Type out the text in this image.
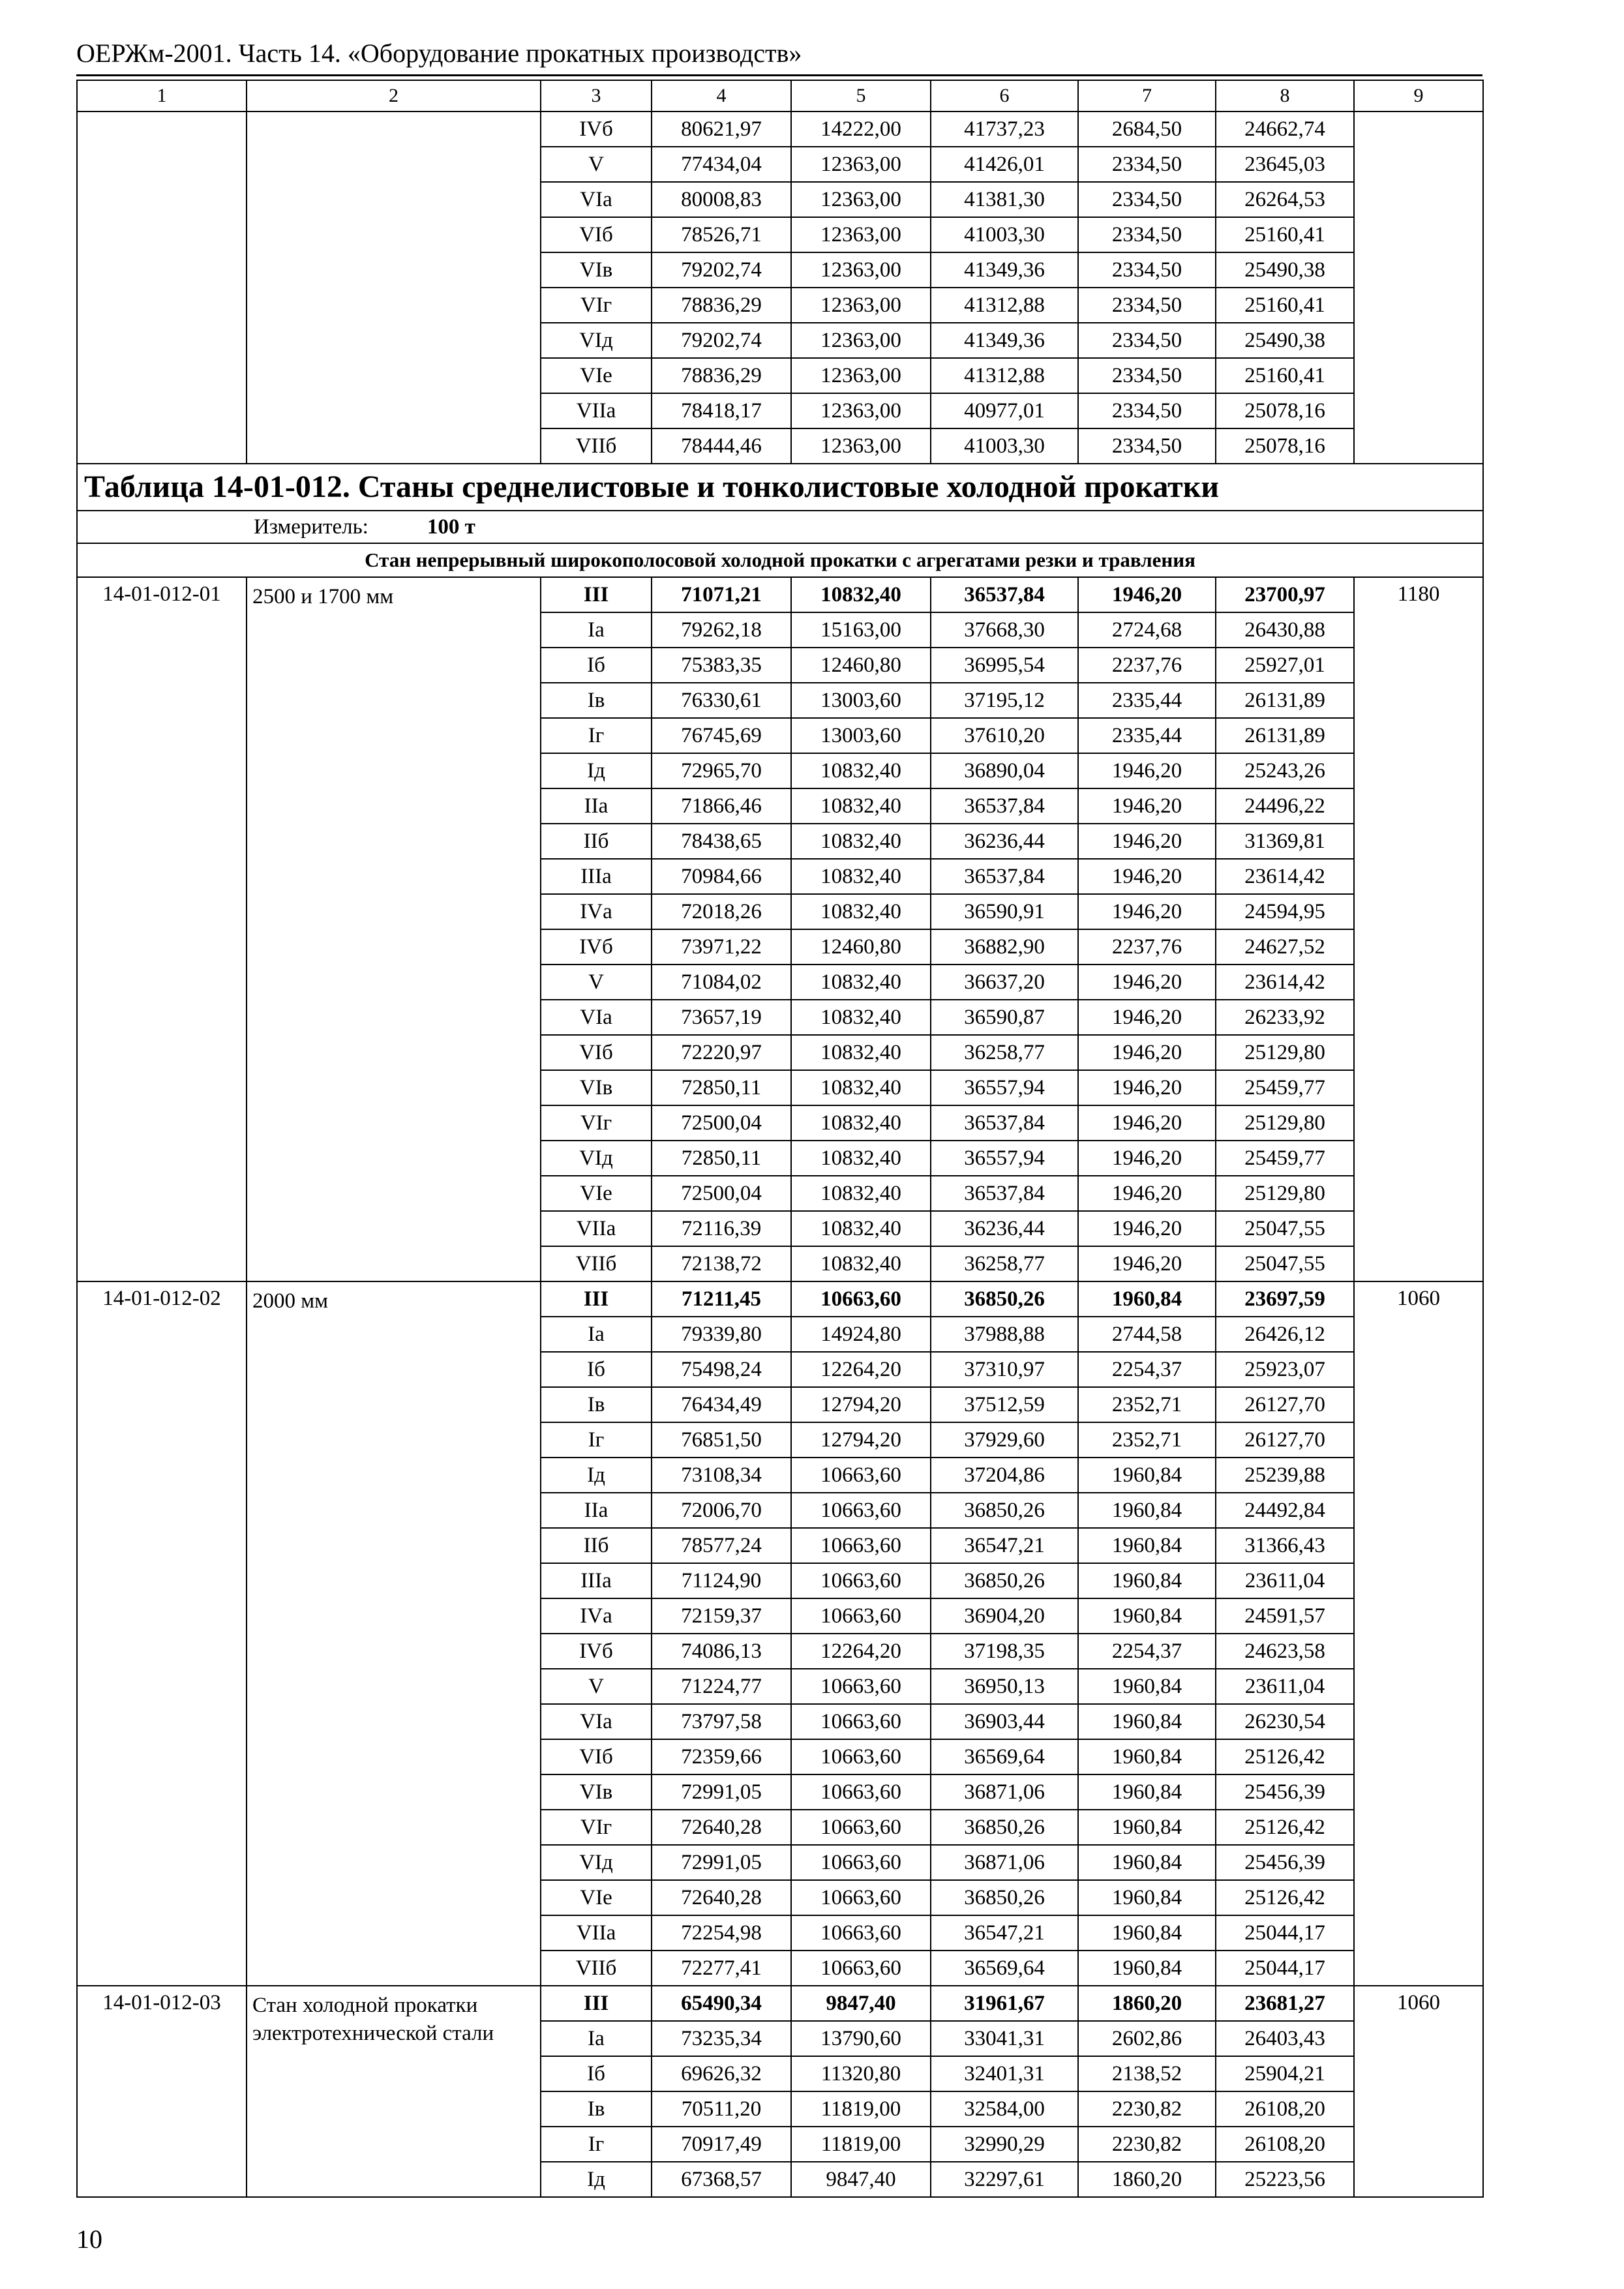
ОЕРЖм-2001. Часть 14. «Оборудование прокатных производств»
1	2	3	4	5	6	7	8	9
		IVб	80621,97	14222,00	41737,23	2684,50	24662,74	
		V	77434,04	12363,00	41426,01	2334,50	23645,03	
		VIа	80008,83	12363,00	41381,30	2334,50	26264,53	
		VIб	78526,71	12363,00	41003,30	2334,50	25160,41	
		VIв	79202,74	12363,00	41349,36	2334,50	25490,38	
		VIг	78836,29	12363,00	41312,88	2334,50	25160,41	
		VIд	79202,74	12363,00	41349,36	2334,50	25490,38	
		VIе	78836,29	12363,00	41312,88	2334,50	25160,41	
		VIIа	78418,17	12363,00	40977,01	2334,50	25078,16	
		VIIб	78444,46	12363,00	41003,30	2334,50	25078,16	
Таблица 14-01-012. Станы среднелистовые и тонколистовые холодной прокатки								
Измеритель: 100 т								
Стан непрерывный широкополосовой холодной прокатки с агрегатами резки и травления								
14-01-012-01	2500 и 1700 мм	III	71071,21	10832,40	36537,84	1946,20	23700,97	1180
		Iа	79262,18	15163,00	37668,30	2724,68	26430,88	
		Iб	75383,35	12460,80	36995,54	2237,76	25927,01	
		Iв	76330,61	13003,60	37195,12	2335,44	26131,89	
		Iг	76745,69	13003,60	37610,20	2335,44	26131,89	
		Iд	72965,70	10832,40	36890,04	1946,20	25243,26	
		IIа	71866,46	10832,40	36537,84	1946,20	24496,22	
		IIб	78438,65	10832,40	36236,44	1946,20	31369,81	
		IIIа	70984,66	10832,40	36537,84	1946,20	23614,42	
		IVа	72018,26	10832,40	36590,91	1946,20	24594,95	
		IVб	73971,22	12460,80	36882,90	2237,76	24627,52	
		V	71084,02	10832,40	36637,20	1946,20	23614,42	
		VIа	73657,19	10832,40	36590,87	1946,20	26233,92	
		VIб	72220,97	10832,40	36258,77	1946,20	25129,80	
		VIв	72850,11	10832,40	36557,94	1946,20	25459,77	
		VIг	72500,04	10832,40	36537,84	1946,20	25129,80	
		VIд	72850,11	10832,40	36557,94	1946,20	25459,77	
		VIе	72500,04	10832,40	36537,84	1946,20	25129,80	
		VIIа	72116,39	10832,40	36236,44	1946,20	25047,55	
		VIIб	72138,72	10832,40	36258,77	1946,20	25047,55	
14-01-012-02	2000 мм	III	71211,45	10663,60	36850,26	1960,84	23697,59	1060
		Iа	79339,80	14924,80	37988,88	2744,58	26426,12	
		Iб	75498,24	12264,20	37310,97	2254,37	25923,07	
		Iв	76434,49	12794,20	37512,59	2352,71	26127,70	
		Iг	76851,50	12794,20	37929,60	2352,71	26127,70	
		Iд	73108,34	10663,60	37204,86	1960,84	25239,88	
		IIа	72006,70	10663,60	36850,26	1960,84	24492,84	
		IIб	78577,24	10663,60	36547,21	1960,84	31366,43	
		IIIа	71124,90	10663,60	36850,26	1960,84	23611,04	
		IVа	72159,37	10663,60	36904,20	1960,84	24591,57	
		IVб	74086,13	12264,20	37198,35	2254,37	24623,58	
		V	71224,77	10663,60	36950,13	1960,84	23611,04	
		VIа	73797,58	10663,60	36903,44	1960,84	26230,54	
		VIб	72359,66	10663,60	36569,64	1960,84	25126,42	
		VIв	72991,05	10663,60	36871,06	1960,84	25456,39	
		VIг	72640,28	10663,60	36850,26	1960,84	25126,42	
		VIд	72991,05	10663,60	36871,06	1960,84	25456,39	
		VIе	72640,28	10663,60	36850,26	1960,84	25126,42	
		VIIа	72254,98	10663,60	36547,21	1960,84	25044,17	
		VIIб	72277,41	10663,60	36569,64	1960,84	25044,17	
14-01-012-03	Стан холодной прокатки электротехнической стали	III	65490,34	9847,40	31961,67	1860,20	23681,27	1060
		Iа	73235,34	13790,60	33041,31	2602,86	26403,43	
		Iб	69626,32	11320,80	32401,31	2138,52	25904,21	
		Iв	70511,20	11819,00	32584,00	2230,82	26108,20	
		Iг	70917,49	11819,00	32990,29	2230,82	26108,20	
		Iд	67368,57	9847,40	32297,61	1860,20	25223,56	
10
